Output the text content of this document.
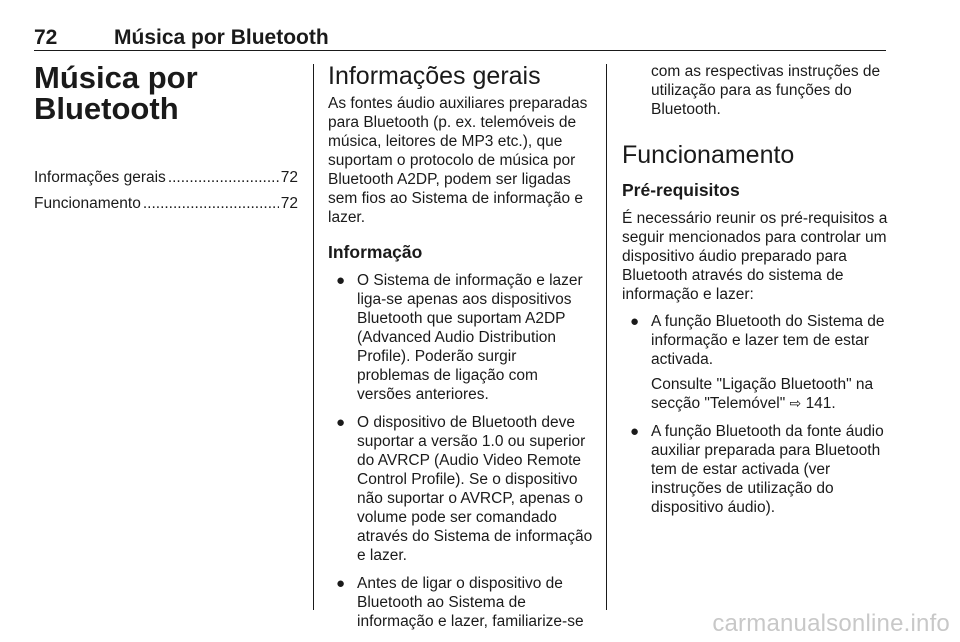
72	Música por Bluetooth
Música por
Bluetooth
Informações gerais .....	72
Funcionamento .....	72
Informações gerais

As fontes áudio auxiliares preparadas para Bluetooth (p. ex. telemóveis de música, leitores de MP3 etc.), que suportam o protocolo de música por Bluetooth A2DP, podem ser ligadas sem fios ao Sistema de informação e lazer.

Informação
● O Sistema de informação e lazer liga-se apenas aos dispositivos Bluetooth que suportam A2DP (Advanced Audio Distribution Profile). Poderão surgir problemas de ligação com versões anteriores.
● O dispositivo de Bluetooth deve suportar a versão 1.0 ou superior do AVRCP (Audio Video Remote Control Profile). Se o dispositivo não suportar o AVRCP, apenas o volume pode ser comandado através do Sistema de informação e lazer.
● Antes de ligar o dispositivo de Bluetooth ao Sistema de informação e lazer, familiarize-se
com as respectivas instruções de utilização para as funções do Bluetooth.
Funcionamento
Pré-requisitos

É necessário reunir os pré-requisitos a seguir mencionados para controlar um dispositivo áudio preparado para Bluetooth através do sistema de informação e lazer:

● A função Bluetooth do Sistema de informação e lazer tem de estar activada.
Consulte "Ligação Bluetooth" na secção "Telemóvel" ⇨ 141.
● A função Bluetooth da fonte áudio auxiliar preparada para Bluetooth tem de estar activada (ver instruções de utilização do dispositivo áudio).
carmanualsonline.info
